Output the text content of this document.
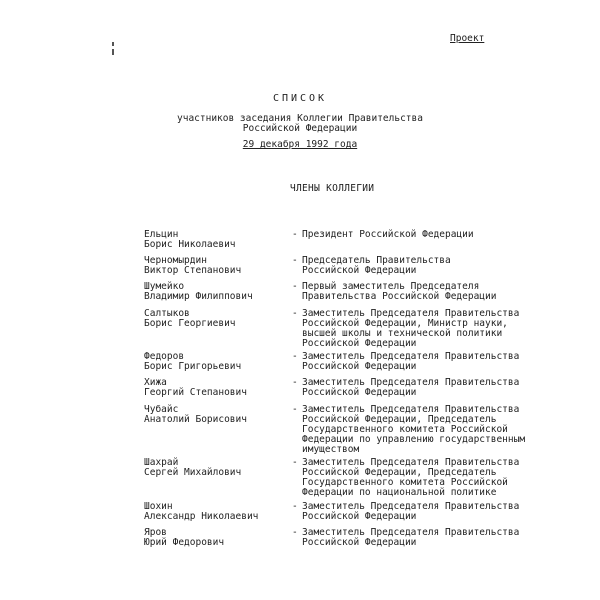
Проект
СПИСОК
участников заседания Коллегии Правительства
Российской Федерации
29 декабря 1992 года
ЧЛЕНЫ КОЛЛЕГИИ
Ельцин
Борис Николаевич
- Президент Российской Федерации
Черномырдин
Виктор Степанович
- Председатель Правительства
Российской Федерации
Шумейко
Владимир Филиппович
- Первый заместитель Председателя
Правительства Российской Федерации
Салтыков
Борис Георгиевич
- Заместитель Председателя Правительства
Российской Федерации, Министр науки,
высшей школы и технической политики
Российской Федерации
Федоров
Борис Григорьевич
- Заместитель Председателя Правительства
Российской Федерации
Хижа
Георгий Степанович
- Заместитель Председателя Правительства
Российской Федерации
Чубайс
Анатолий Борисович
- Заместитель Председателя Правительства
Российской Федерации, Председатель
Государственного комитета Российской
Федерации по управлению государственным
имуществом
Шахрай
Сергей Михайлович
- Заместитель Председателя Правительства
Российской Федерации, Председатель
Государственного комитета Российской
Федерации по национальной политике
Шохин
Александр Николаевич
- Заместитель Председателя Правительства
Российской Федерации
Яров
Юрий Федорович
- Заместитель Председателя Правительства
Российской Федерации
